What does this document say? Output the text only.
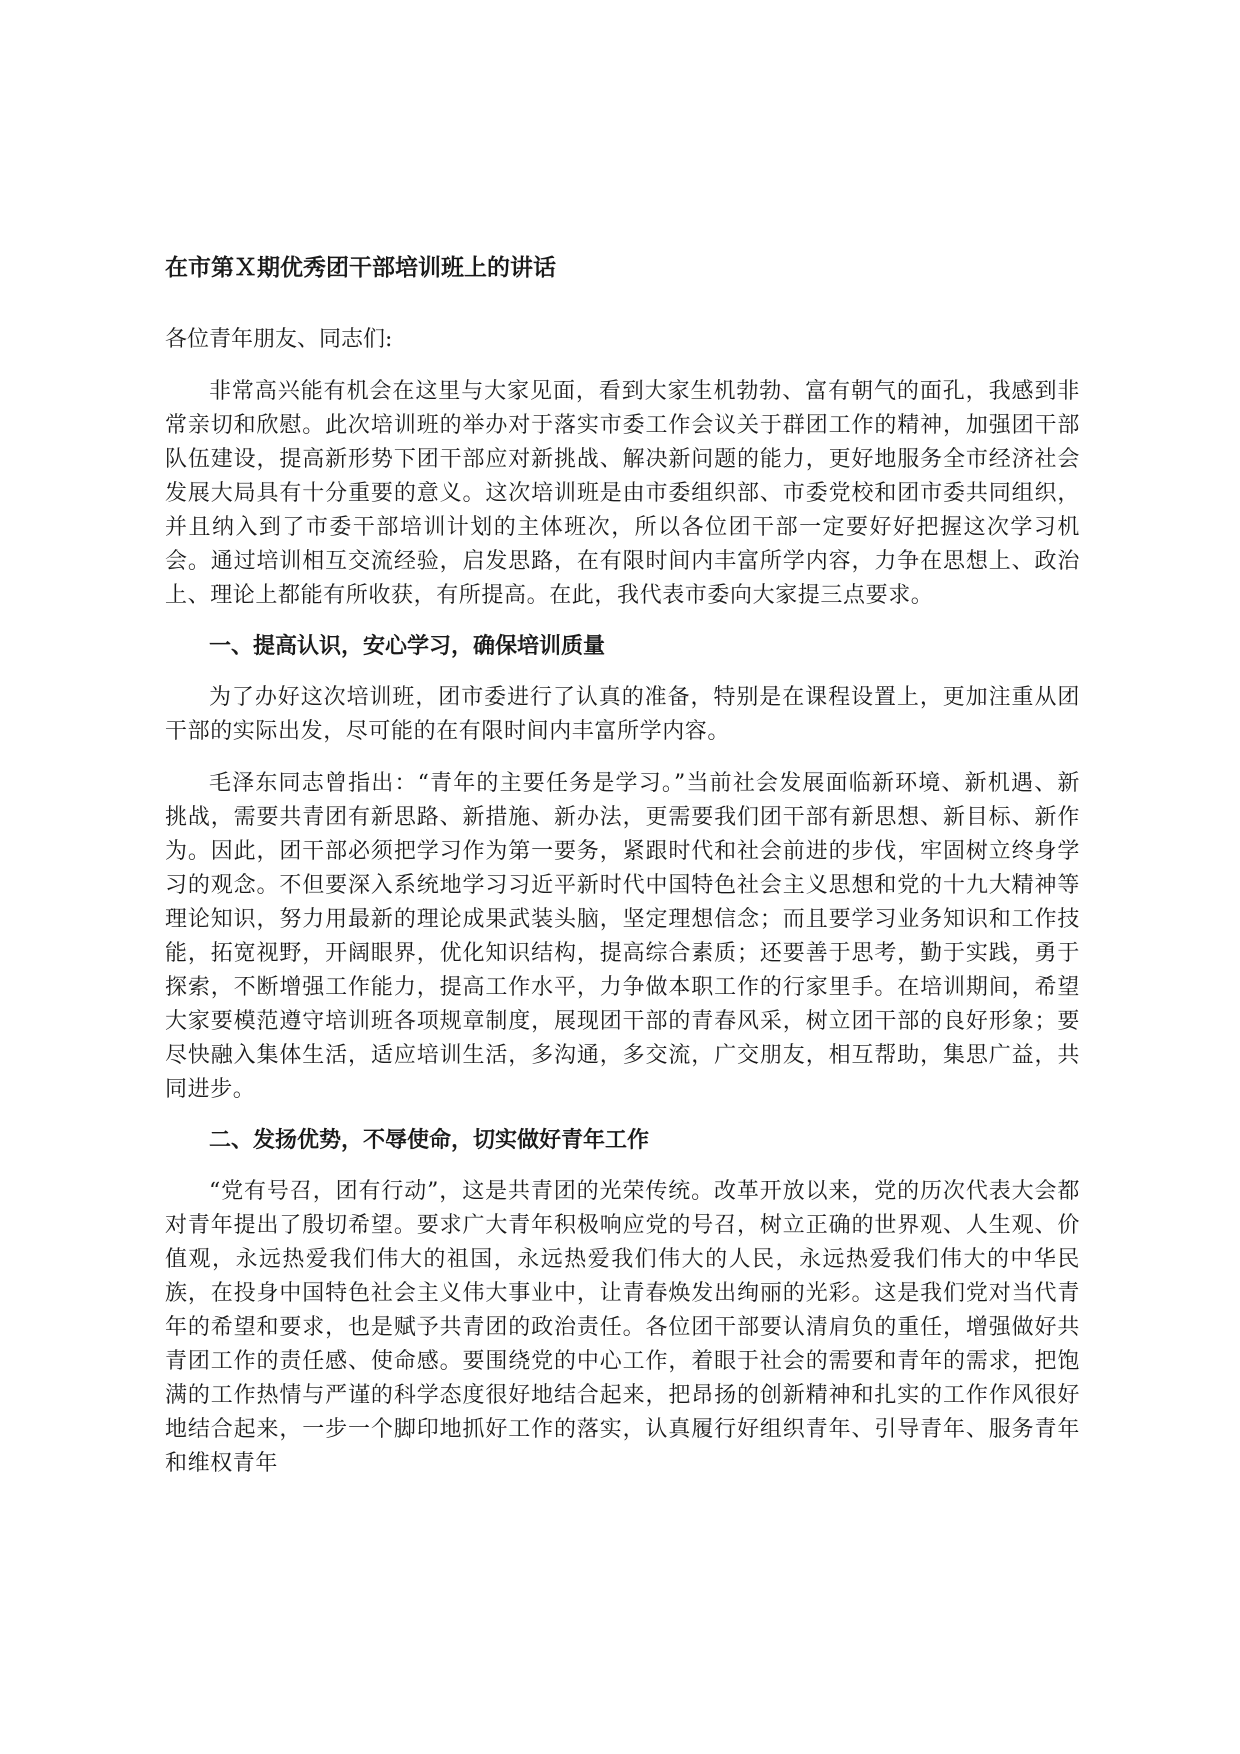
在市第Ｘ期优秀团干部培训班上的讲话
各位青年朋友、同志们:

非常高兴能有机会在这里与大家见面，看到大家生机勃勃、富有朝气的面孔，我感到非常亲切和欣慰。此次培训班的举办对于落实市委工作会议关于群团工作的精神，加强团干部队伍建设，提高新形势下团干部应对新挑战、解决新问题的能力，更好地服务全市经济社会发展大局具有十分重要的意义。这次培训班是由市委组织部、市委党校和团市委共同组织，并且纳入到了市委干部培训计划的主体班次，所以各位团干部一定要好好把握这次学习机会。通过培训相互交流经验，启发思路，在有限时间内丰富所学内容，力争在思想上、政治上、理论上都能有所收获，有所提高。在此，我代表市委向大家提三点要求。

一、提高认识，安心学习，确保培训质量

为了办好这次培训班，团市委进行了认真的准备，特别是在课程设置上，更加注重从团干部的实际出发，尽可能的在有限时间内丰富所学内容。

毛泽东同志曾指出：“青年的主要任务是学习。”当前社会发展面临新环境、新机遇、新挑战，需要共青团有新思路、新措施、新办法，更需要我们团干部有新思想、新目标、新作为。因此，团干部必须把学习作为第一要务，紧跟时代和社会前进的步伐，牢固树立终身学习的观念。不但要深入系统地学习习近平新时代中国特色社会主义思想和党的十九大精神等理论知识，努力用最新的理论成果武装头脑，坚定理想信念；而且要学习业务知识和工作技能，拓宽视野，开阔眼界，优化知识结构，提高综合素质；还要善于思考，勤于实践，勇于探索，不断增强工作能力，提高工作水平，力争做本职工作的行家里手。在培训期间，希望大家要模范遵守培训班各项规章制度，展现团干部的青春风采，树立团干部的良好形象；要尽快融入集体生活，适应培训生活，多沟通，多交流，广交朋友，相互帮助，集思广益，共同进步。

二、发扬优势，不辱使命，切实做好青年工作

“党有号召，团有行动”，这是共青团的光荣传统。改革开放以来，党的历次代表大会都对青年提出了殷切希望。要求广大青年积极响应党的号召，树立正确的世界观、人生观、价值观，永远热爱我们伟大的祖国，永远热爱我们伟大的人民，永远热爱我们伟大的中华民族，在投身中国特色社会主义伟大事业中，让青春焕发出绚丽的光彩。这是我们党对当代青年的希望和要求，也是赋予共青团的政治责任。各位团干部要认清肩负的重任，增强做好共青团工作的责任感、使命感。要围绕党的中心工作，着眼于社会的需要和青年的需求，把饱满的工作热情与严谨的科学态度很好地结合起来，把昂扬的创新精神和扎实的工作作风很好地结合起来，一步一个脚印地抓好工作的落实，认真履行好组织青年、引导青年、服务青年和维权青年
